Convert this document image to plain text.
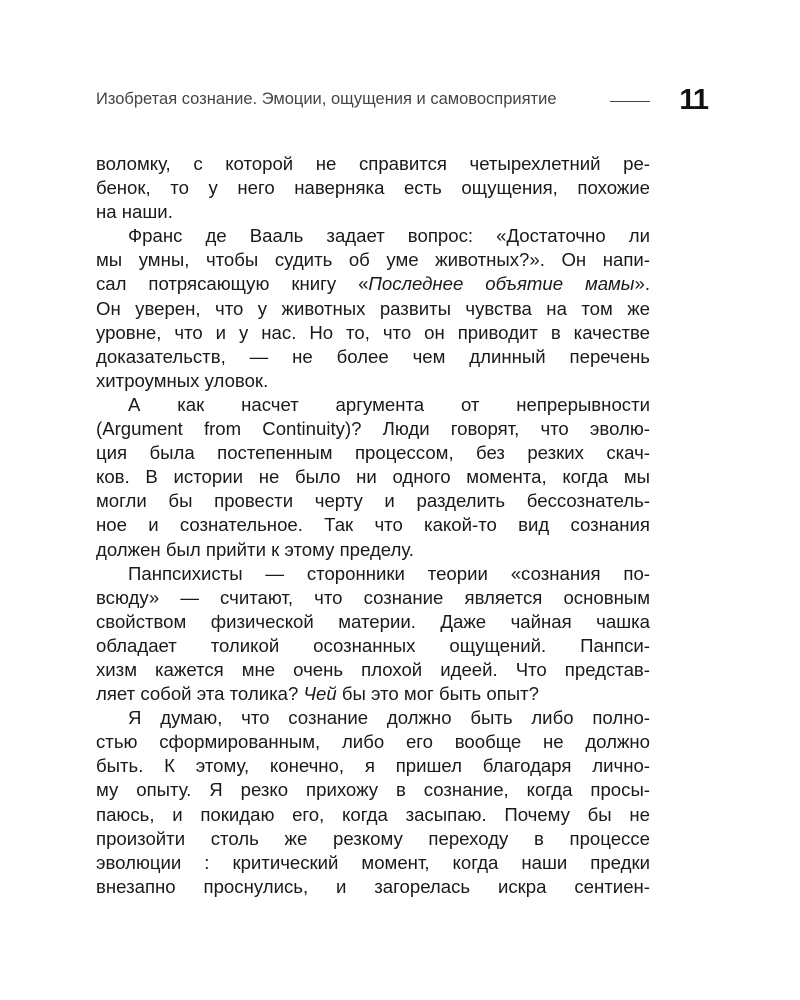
Изобретая сознание. Эмоции, ощущения и самовосприятие	11
воломку, с которой не справится четырехлетний ре-
бенок, то у него наверняка есть ощущения, похожие
на наши.
Франс де Вааль задает вопрос: «Достаточно ли
мы умны, чтобы судить об уме животных?». Он напи-
сал потрясающую книгу «Последнее объятие мамы».
Он уверен, что у животных развиты чувства на том же
уровне, что и у нас. Но то, что он приводит в качестве
доказательств, — не более чем длинный перечень
хитроумных уловок.
А как насчет аргумента от непрерывности
(Argument from Continuity)? Люди говорят, что эволю-
ция была постепенным процессом, без резких скач-
ков. В истории не было ни одного момента, когда мы
могли бы провести черту и разделить бессознатель-
ное и сознательное. Так что какой-то вид сознания
должен был прийти к этому пределу.
Панпсихисты — сторонники теории «сознания по-
всюду» — считают, что сознание является основным
свойством физической материи. Даже чайная чашка
обладает толикой осознанных ощущений. Панпси-
хизм кажется мне очень плохой идеей. Что представ-
ляет собой эта толика? Чей бы это мог быть опыт?
Я думаю, что сознание должно быть либо полно-
стью сформированным, либо его вообще не должно
быть. К этому, конечно, я пришел благодаря лично-
му опыту. Я резко прихожу в сознание, когда просы-
паюсь, и покидаю его, когда засыпаю. Почему бы не
произойти столь же резкому переходу в процессе
эволюции : критический момент, когда наши предки
внезапно проснулись, и загорелась искра сентиен-
